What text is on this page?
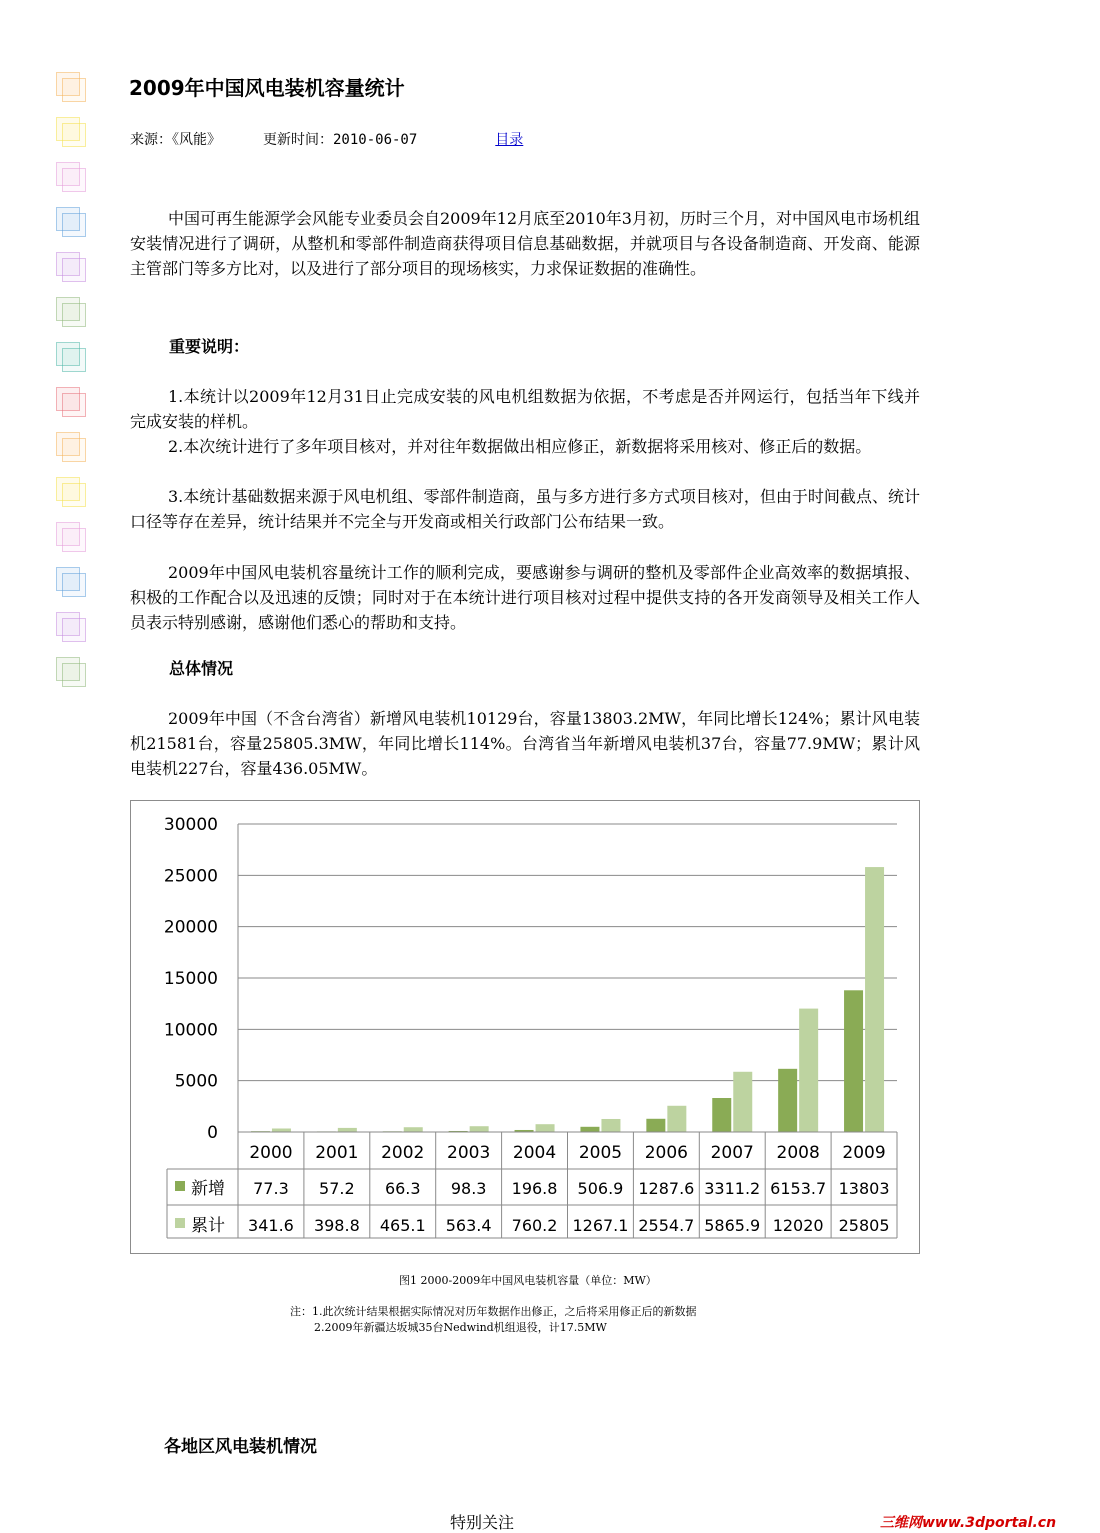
2009年中国风电装机容量统计
来源：《风能》	更新时间：2010-06-07	目录
中国可再生能源学会风能专业委员会自2009年12月底至2010年3月初，历时三个月，对中国风电市场机组安装情况进行了调研，从整机和零部件制造商获得项目信息基础数据，并就项目与各设备制造商、开发商、能源主管部门等多方比对，以及进行了部分项目的现场核实，力求保证数据的准确性。
重要说明：
1.本统计以2009年12月31日止完成安装的风电机组数据为依据，不考虑是否并网运行，包括当年下线并完成安装的样机。
2.本次统计进行了多年项目核对，并对往年数据做出相应修正，新数据将采用核对、修正后的数据。
3.本统计基础数据来源于风电机组、零部件制造商，虽与多方进行多方式项目核对，但由于时间截点、统计口径等存在差异，统计结果并不完全与开发商或相关行政部门公布结果一致。
2009年中国风电装机容量统计工作的顺利完成，要感谢参与调研的整机及零部件企业高效率的数据填报、积极的工作配合以及迅速的反馈；同时对于在本统计进行项目核对过程中提供支持的各开发商领导及相关工作人员表示特别感谢，感谢他们悉心的帮助和支持。
总体情况
2009年中国（不含台湾省）新增风电装机10129台，容量13803.2MW，年同比增长124%；累计风电装机21581台，容量25805.3MW，年同比增长114%。台湾省当年新增风电装机37台，容量77.9MW；累计风电装机227台，容量436.05MW。
0
5000
10000
15000
20000
25000
30000
2000 2001 2002 2003 2004 2005 2006 2007 2008 2009
新增 77.3 57.2 66.3 98.3 196.8 506.9 1287.6 3311.2 6153.7 13803
累计 341.6 398.8 465.1 563.4 760.2 1267.1 2554.7 5865.9 12020 25805
图1 2000-2009年中国风电装机容量（单位：MW）
注：1.此次统计结果根据实际情况对历年数据作出修正，之后将采用修正后的新数据
2.2009年新疆达坂城35台Nedwind机组退役，计17.5MW
各地区风电装机情况
特别关注	三维网www.3dportal.cn
